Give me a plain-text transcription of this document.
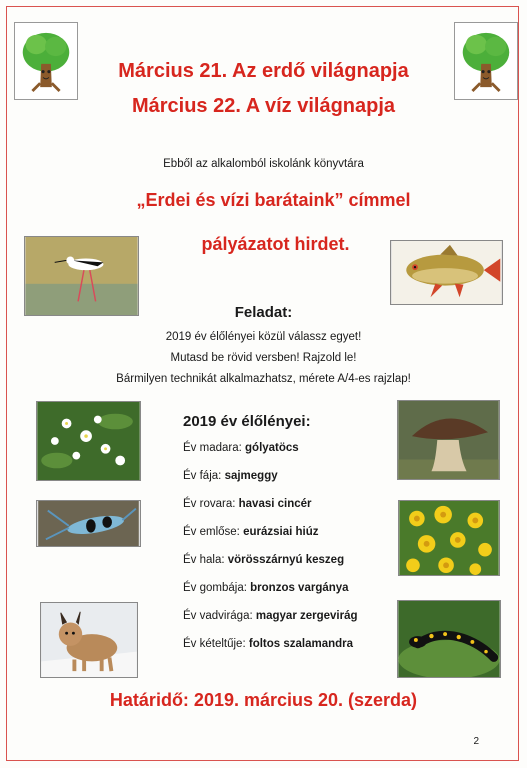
Március 21. Az erdő világnapja
Március 22. A víz világnapja
Ebből az alkalomból iskolánk könyvtára
„Erdei és vízi barátaink” címmel
pályázatot hirdet.
Feladat:
2019 év élőlényei közül válassz egyet!
Mutasd be rövid versben! Rajzold le!
Bármilyen technikát alkalmazhatsz, mérete A/4-es rajzlap!
2019 év élőlényei:
Év madara: gólyatöcs
Év fája: sajmeggy
Év rovara: havasi cincér
Év emlőse: eurázsiai hiúz
Év hala: vörösszárnyú keszeg
Év gombája: bronzos vargánya
Év vadvirága: magyar zergevirág
Év kételtűje: foltos szalamandra
Határidő: 2019. március 20. (szerda)
2
